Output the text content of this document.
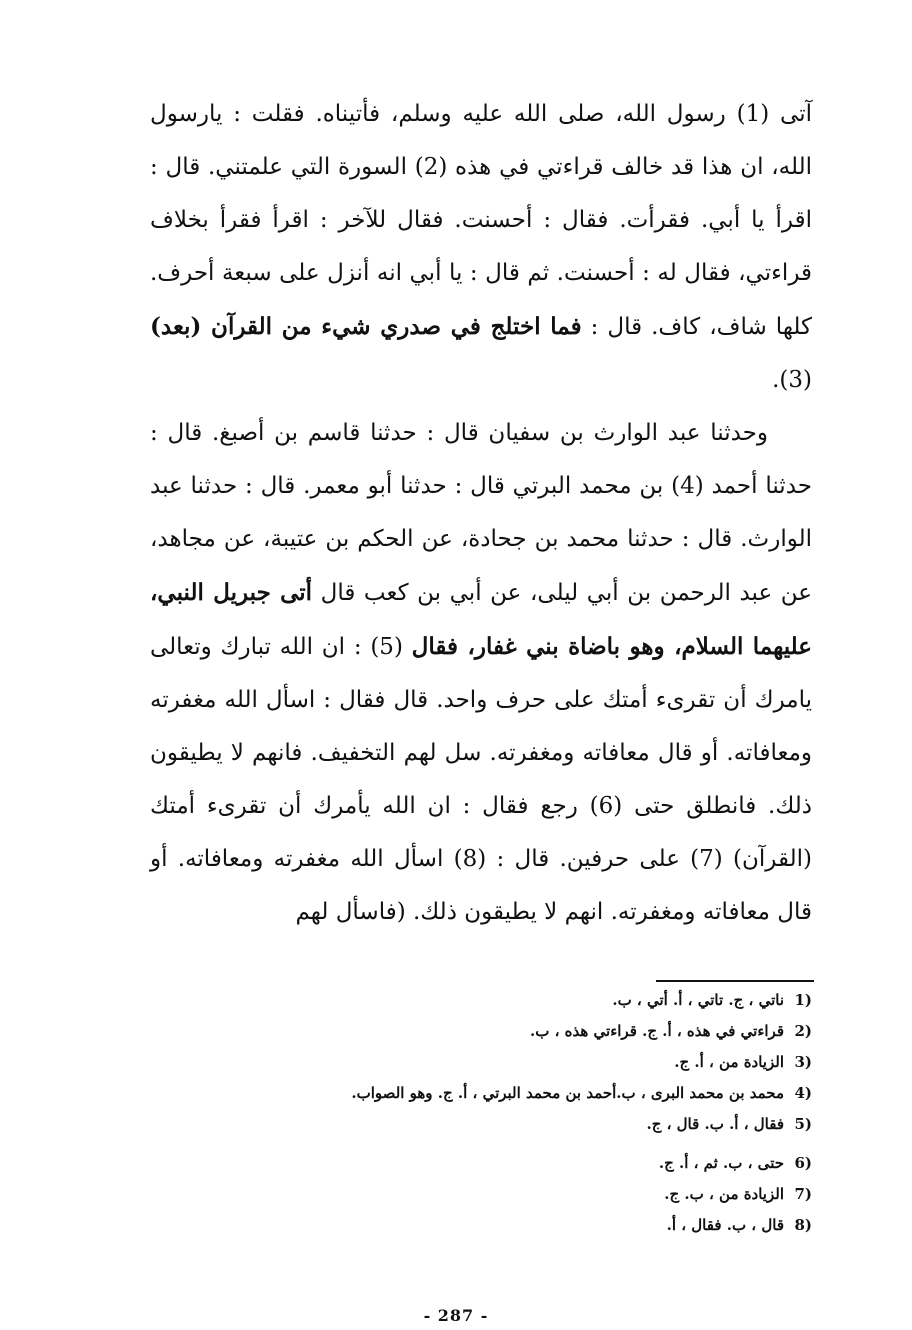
آتى (1) رسول الله، صلى الله عليه وسلم، فأتيناه. فقلت : يارسول الله، ان هذا قد خالف قراءتي في هذه (2) السورة التي علمتني. قال : اقرأ يا أبي. فقرأت. فقال : أحسنت. فقال للآخر : اقرأ فقرأ بخلاف قراءتي، فقال له : أحسنت. ثم قال : يا أبي انه أنزل على سبعة أحرف. كلها شاف، كاف. قال : فما اختلج في صدري شيء من القرآن (بعد) (3).

وحدثنا عبد الوارث بن سفيان قال : حدثنا قاسم بن أصبغ. قال : حدثنا أحمد (4) بن محمد البرتي قال : حدثنا أبو معمر. قال : حدثنا عبد الوارث. قال : حدثنا محمد بن جحادة، عن الحكم بن عتيبة، عن مجاهد، عن عبد الرحمن بن أبي ليلى، عن أبي بن كعب قال أتى جبريل النبي، عليهما السلام، وهو باضاة بني غفار، فقال (5) : ان الله تبارك وتعالى يامرك أن تقرىء أمتك على حرف واحد. قال فقال : اسأل الله مغفرته ومعافاته. أو قال معافاته ومغفرته. سل لهم التخفيف. فانهم لا يطيقون ذلك. فانطلق حتى (6) رجع فقال : ان الله يأمرك أن تقرىء أمتك (القرآن) (7) على حرفين. قال : (8) اسأل الله مغفرته ومعافاته. أو قال معافاته ومغفرته. انهم لا يطيقون ذلك. (فاسأل لهم

(1ناتي ، ج. تاتي ، أ. أتي ، ب.
(2قراءتي في هذه ، أ. ج. قراءتي هذه ، ب.
(3الزيادة من ، أ. ج.
(4محمد بن محمد البرى ، ب.أحمد بن محمد البرتي ، أ. ج. وهو الصواب.
(5فقال ، أ. ب. قال ، ج.
(6حتى ، ب. ثم ، أ. ج.
(7الزيادة من ، ب. ج.
(8قال ، ب. فقال ، أ.
- 287 -
